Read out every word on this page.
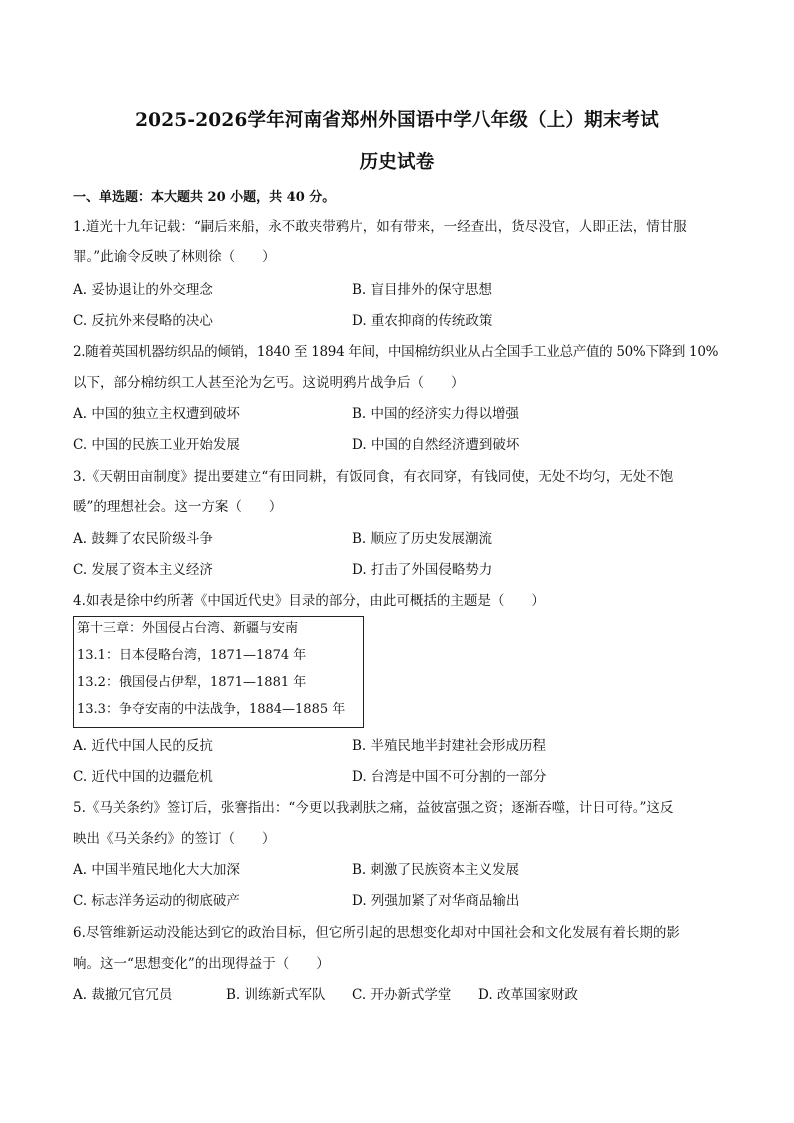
2025-2026学年河南省郑州外国语中学八年级（上）期末考试
历史试卷
一、单选题：本大题共 20 小题，共 40 分。
1.道光十九年记载：“嗣后来船，永不敢夹带鸦片，如有带来，一经查出，货尽没官，人即正法，情甘服
罪。”此谕令反映了林则徐（　　）
A. 妥协退让的外交理念	B. 盲目排外的保守思想
C. 反抗外来侵略的决心	D. 重农抑商的传统政策
2.随着英国机器纺织品的倾销，1840 至 1894 年间，中国棉纺织业从占全国手工业总产值的 50%下降到 10%
以下，部分棉纺织工人甚至沦为乞丐。这说明鸦片战争后（　　）
A. 中国的独立主权遭到破坏	B. 中国的经济实力得以增强
C. 中国的民族工业开始发展	D. 中国的自然经济遭到破坏
3.《天朝田亩制度》提出要建立“有田同耕，有饭同食，有衣同穿，有钱同使，无处不均匀，无处不饱
暖”的理想社会。这一方案（　　）
A. 鼓舞了农民阶级斗争	B. 顺应了历史发展潮流
C. 发展了资本主义经济	D. 打击了外国侵略势力
4.如表是徐中约所著《中国近代史》目录的部分，由此可概括的主题是（　　）
第十三章：外国侵占台湾、新疆与安南
13.1：日本侵略台湾，1871—1874 年
13.2：俄国侵占伊犁，1871—1881 年
13.3：争夺安南的中法战争，1884—1885 年
A. 近代中国人民的反抗	B. 半殖民地半封建社会形成历程
C. 近代中国的边疆危机	D. 台湾是中国不可分割的一部分
5.《马关条约》签订后，张謇指出：“今更以我剥肤之痛，益彼富强之资；逐渐吞噬，计日可待。”这反
映出《马关条约》的签订（　　）
A. 中国半殖民地化大大加深	B. 刺激了民族资本主义发展
C. 标志洋务运动的彻底破产	D. 列强加紧了对华商品输出
6.尽管维新运动没能达到它的政治目标，但它所引起的思想变化却对中国社会和文化发展有着长期的影
响。这一“思想变化”的出现得益于（　　）
A. 裁撤冗官冗员	B. 训练新式军队 C. 开办新式学堂 D. 改革国家财政
